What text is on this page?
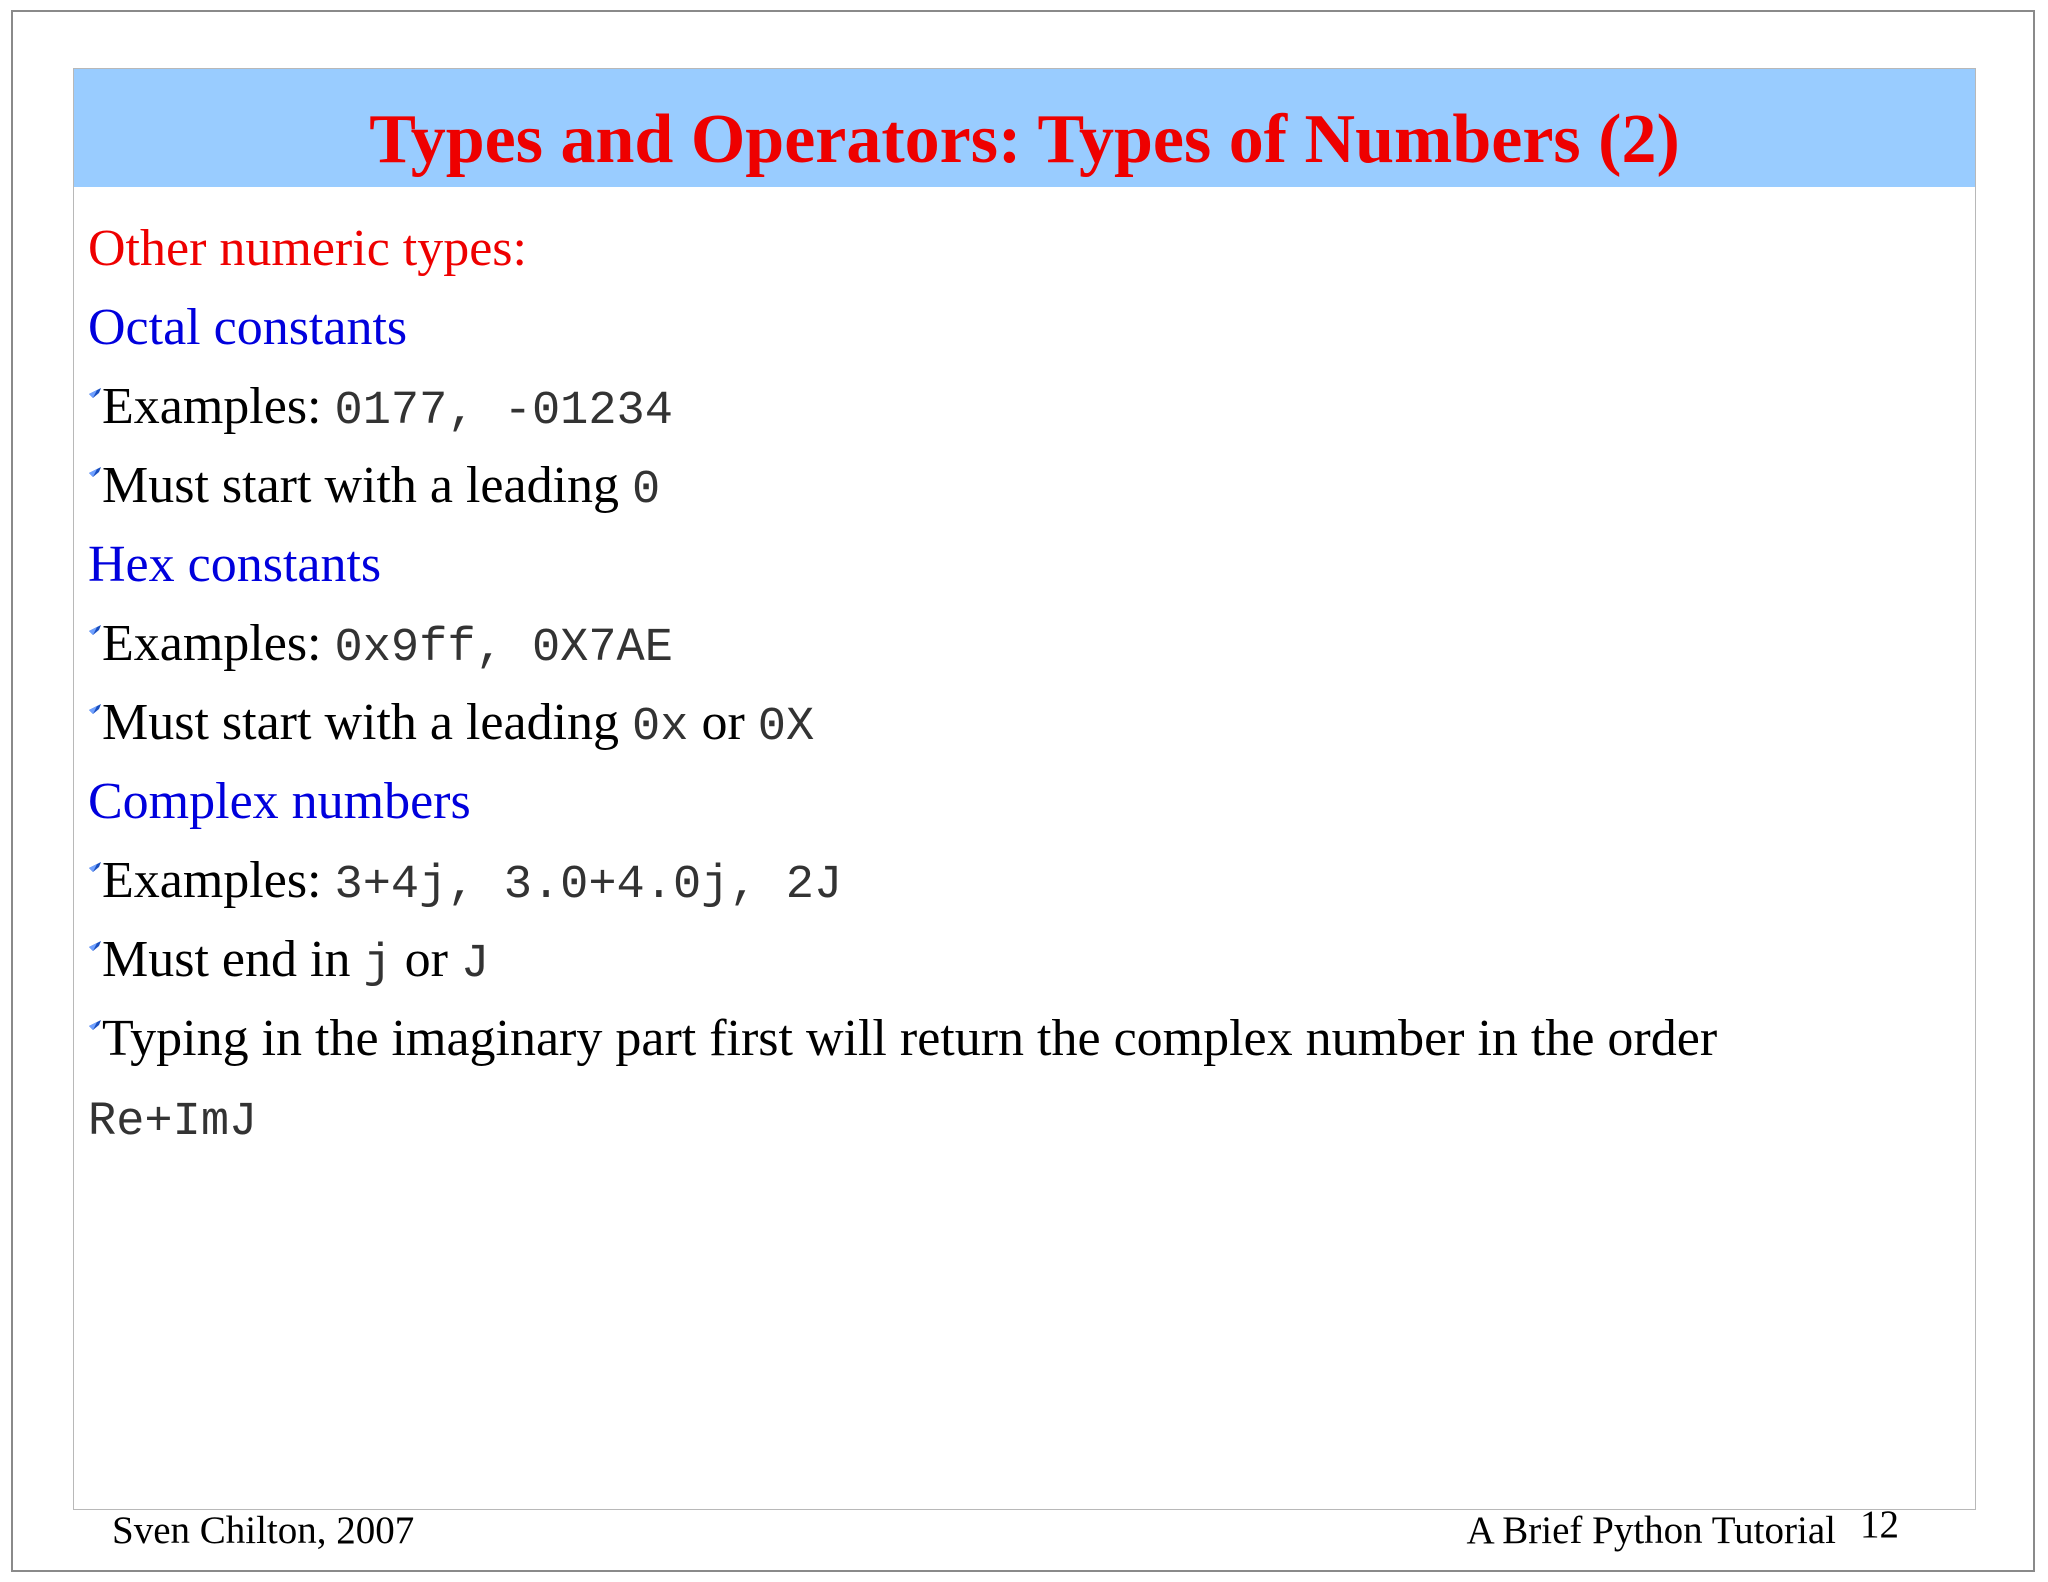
Types and Operators: Types of Numbers (2)
Other numeric types:
Octal constants
Examples: 0177, -01234
Must start with a leading 0
Hex constants
Examples: 0x9ff, 0X7AE
Must start with a leading 0x or 0X
Complex numbers
Examples: 3+4j, 3.0+4.0j, 2J
Must end in j or J
Typing in the imaginary part first will return the complex number in the order
Re+ImJ
Sven Chilton, 2007	A Brief Python Tutorial 12
